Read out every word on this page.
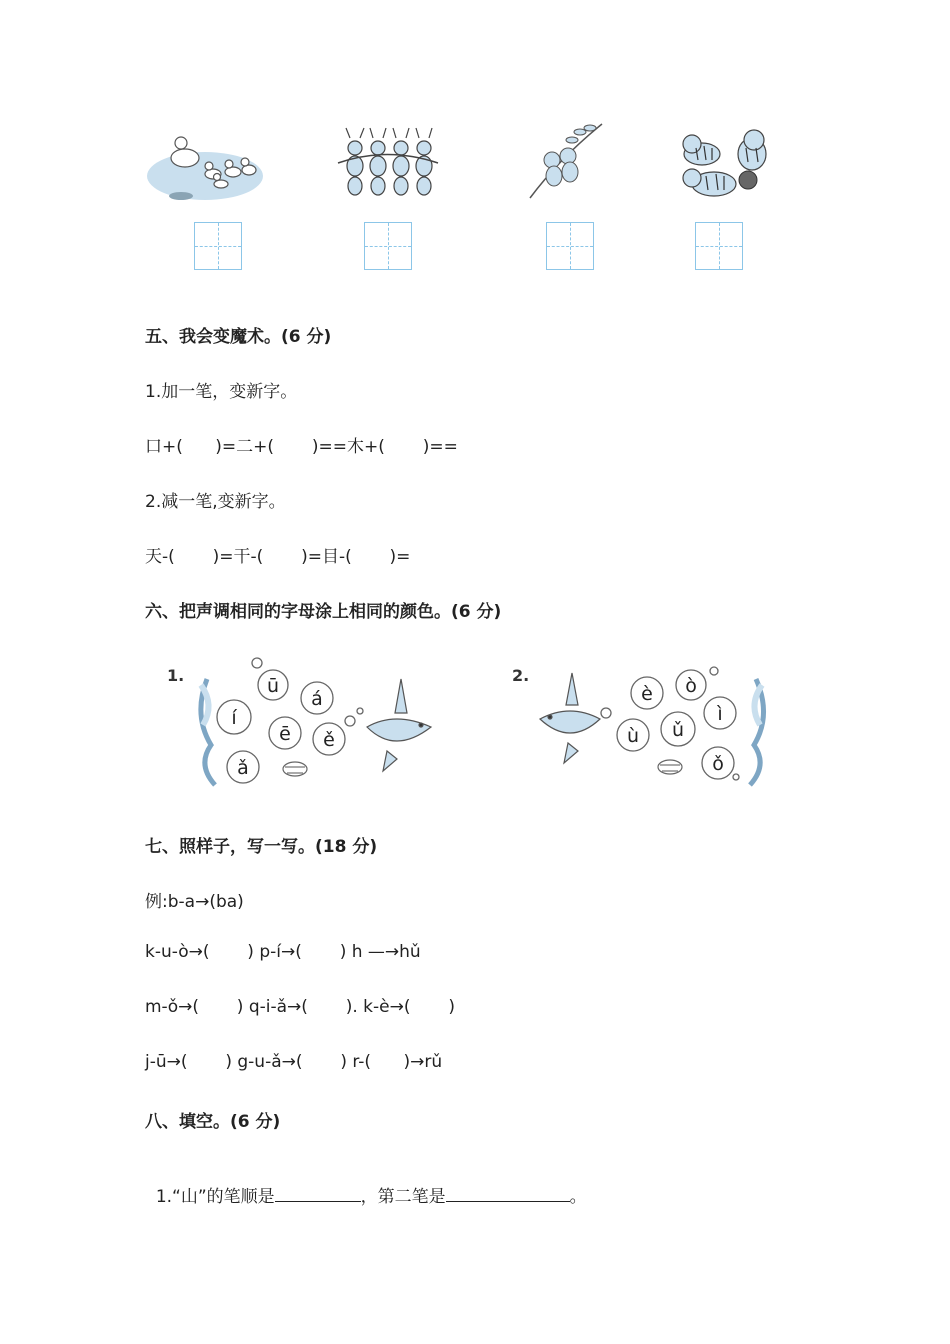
五、我会变魔术。(6 分)
1.加一笔，变新字。
口+(      )=二+(       )==木+(       )==
2.减一笔,变新字。
天-(       )=干-(       )=目-(       )=
六、把声调相同的字母涂上相同的颜色。(6 分)
1.	ū
í
á
ē ě
ǎ
2.
è ò
ǔ
ì
ù
ǒ
七、照样子，写一写。(18 分)
例:b-a→(ba)
k-u-ò→(       ) p-í→(       ) h —→hǔ
m-ǒ→(       ) q-i-ǎ→(       ). k-è→(       )
j-ū→(       ) g-u-ǎ→(       ) r-(      )→rǔ
八、填空。(6 分)

1.“山”的笔顺是	，第二笔是	。
